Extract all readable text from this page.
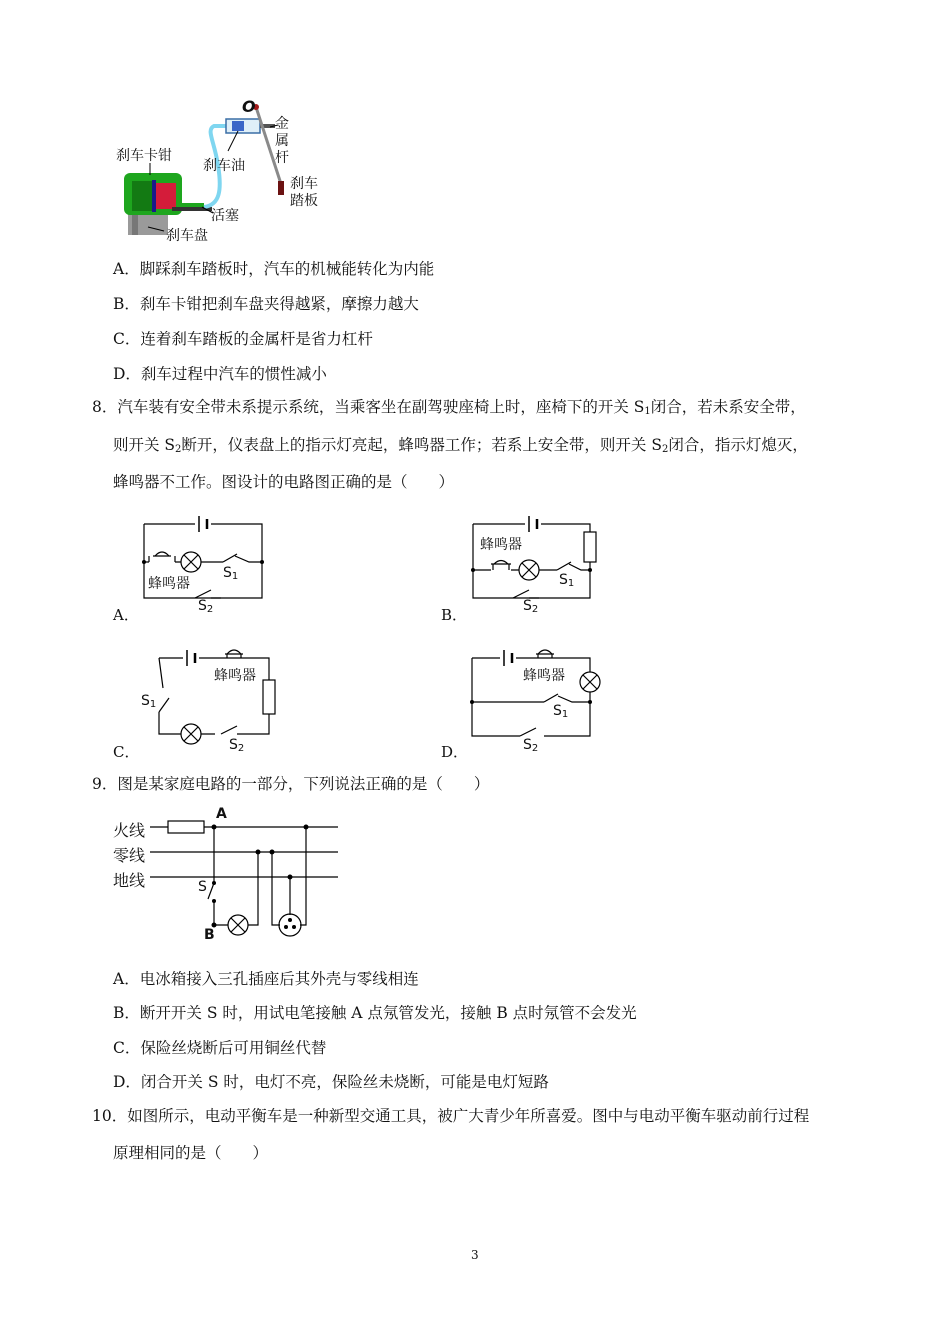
O
刹车卡钳
刹车油
金属杆
刹车踏板
活塞
刹车盘
A．脚踩刹车踏板时，汽车的机械能转化为内能
B．刹车卡钳把刹车盘夹得越紧，摩擦力越大
C．连着刹车踏板的金属杆是省力杠杆
D．刹车过程中汽车的惯性减小
8．汽车装有安全带未系提示系统，当乘客坐在副驾驶座椅上时，座椅下的开关 $S_1$闭合，若未系安全带，
则开关 $S_2$断开，仪表盘上的指示灯亮起，蜂鸣器工作；若系上安全带，则开关 $S_2$闭合，指示灯熄灭，
蜂鸣器不工作。图设计的电路图正确的是（　　）
蜂鸣器
$S_1$
$S_2$
A．
蜂鸣器
$S_1$
$S_2$
B．
蜂鸣器
$S_1$
$S_2$
C．
蜂鸣器
$S_1$
$S_2$
D．
9．图是某家庭电路的一部分，下列说法正确的是（　　）
火线
零线
地线
A
S
B
A．电冰箱接入三孔插座后其外壳与零线相连
B．断开开关 S 时，用试电笔接触 A 点氖管发光，接触 B 点时氖管不会发光
C．保险丝烧断后可用铜丝代替
D．闭合开关 S 时，电灯不亮，保险丝未烧断，可能是电灯短路
10．如图所示，电动平衡车是一种新型交通工具，被广大青少年所喜爱。图中与电动平衡车驱动前行过程
原理相同的是（　　）
3
